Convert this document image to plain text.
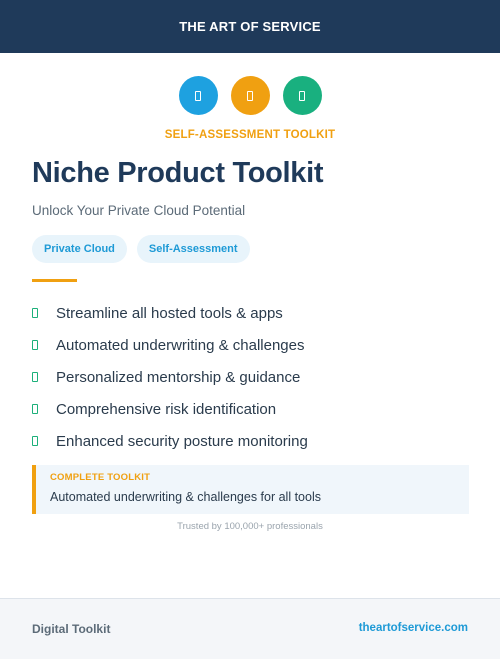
THE ART OF SERVICE
SELF-ASSESSMENT TOOLKIT
Niche Product Toolkit
Unlock Your Private Cloud Potential
Private Cloud	Self-Assessment
Streamline all hosted tools & apps
Automated underwriting & challenges
Personalized mentorship & guidance
Comprehensive risk identification
Enhanced security posture monitoring
COMPLETE TOOLKIT
Automated underwriting & challenges for all tools
Trusted by 100,000+ professionals
Digital Toolkit	theartofservice.com
